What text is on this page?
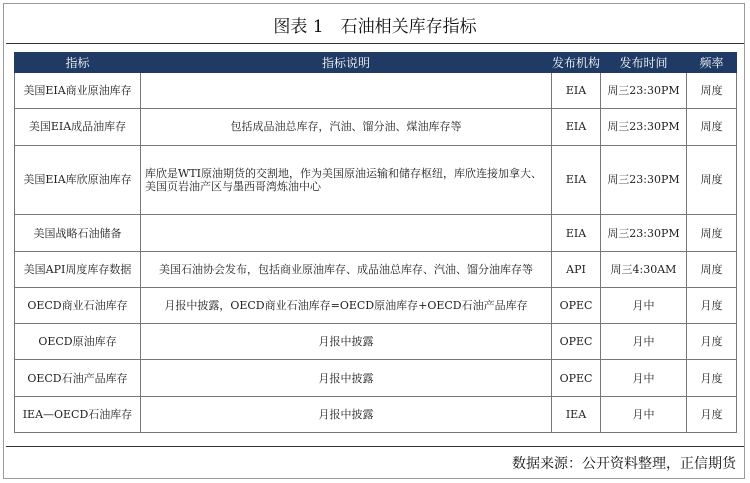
图表 1　石油相关库存指标
指标	指标说明	发布机构	发布时间	频率
美国EIA商业原油库存		EIA	周三23:30PM	周度
美国EIA成品油库存	包括成品油总库存，汽油、馏分油、煤油库存等	EIA	周三23:30PM	周度
美国EIA库欣原油库存	库欣是WTI原油期货的交割地，作为美国原油运输和储存枢纽，库欣连接加拿大、美国页岩油产区与墨西哥湾炼油中心	EIA	周三23:30PM	周度
美国战略石油储备		EIA	周三23:30PM	周度
美国API周度库存数据	美国石油协会发布，包括商业原油库存、成品油总库存、汽油、馏分油库存等	API	周三4:30AM	周度
OECD商业石油库存	月报中披露，OECD商业石油库存=OECD原油库存+OECD石油产品库存	OPEC	月中	月度
OECD原油库存	月报中披露	OPEC	月中	月度
OECD石油产品库存	月报中披露	OPEC	月中	月度
IEA—OECD石油库存	月报中披露	IEA	月中	月度
数据来源：公开资料整理，正信期货
